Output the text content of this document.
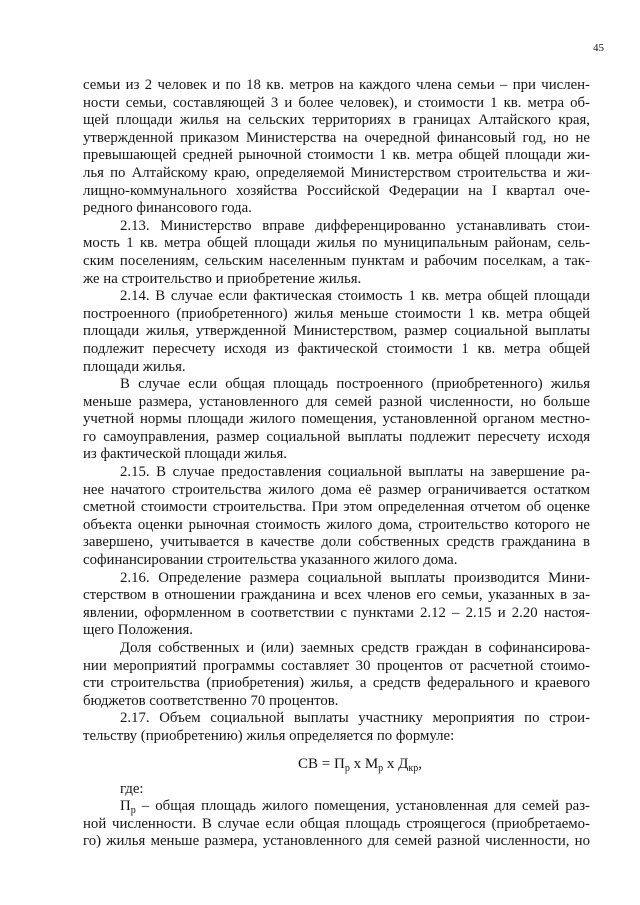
45
семьи из 2 человек и по 18 кв. метров на каждого члена семьи – при числен-
ности семьи, составляющей 3 и более человек), и стоимости 1 кв. метра об-
щей площади жилья на сельских территориях в границах Алтайского края,
утвержденной приказом Министерства на очередной финансовый год, но не
превышающей средней рыночной стоимости 1 кв. метра общей площади жи-
лья по Алтайскому краю, определяемой Министерством строительства и жи-
лищно-коммунального хозяйства Российской Федерации на I квартал оче-
редного финансового года.
2.13. Министерство вправе дифференцированно устанавливать стои-
мость 1 кв. метра общей площади жилья по муниципальным районам, сель-
ским поселениям, сельским населенным пунктам и рабочим поселкам, а так-
же на строительство и приобретение жилья.
2.14. В случае если фактическая стоимость 1 кв. метра общей площади
построенного (приобретенного) жилья меньше стоимости 1 кв. метра общей
площади жилья, утвержденной Министерством, размер социальной выплаты
подлежит пересчету исходя из фактической стоимости 1 кв. метра общей
площади жилья.
В случае если общая площадь построенного (приобретенного) жилья
меньше размера, установленного для семей разной численности, но больше
учетной нормы площади жилого помещения, установленной органом местно-
го самоуправления, размер социальной выплаты подлежит пересчету исходя
из фактической площади жилья.
2.15. В случае предоставления социальной выплаты на завершение ра-
нее начатого строительства жилого дома её размер ограничивается остатком
сметной стоимости строительства. При этом определенная отчетом об оценке
объекта оценки рыночная стоимость жилого дома, строительство которого не
завершено, учитывается в качестве доли собственных средств гражданина в
софинансировании строительства указанного жилого дома.
2.16. Определение размера социальной выплаты производится Мини-
стерством в отношении гражданина и всех членов его семьи, указанных в за-
явлении, оформленном в соответствии с пунктами 2.12 – 2.15 и 2.20 настоя-
щего Положения.
Доля собственных и (или) заемных средств граждан в софинансирова-
нии мероприятий программы составляет 30 процентов от расчетной стоимо-
сти строительства (приобретения) жилья, а средств федерального и краевого
бюджетов соответственно 70 процентов.
2.17. Объем социальной выплаты участнику мероприятия по строи-
тельству (приобретению) жилья определяется по формуле:
СВ = $П_р$ х $М_р$ х $Д_{кр}$,
где:
$П_р$ – общая площадь жилого помещения, установленная для семей раз-
ной численности. В случае если общая площадь строящегося (приобретаемо-
го) жилья меньше размера, установленного для семей разной численности, но
